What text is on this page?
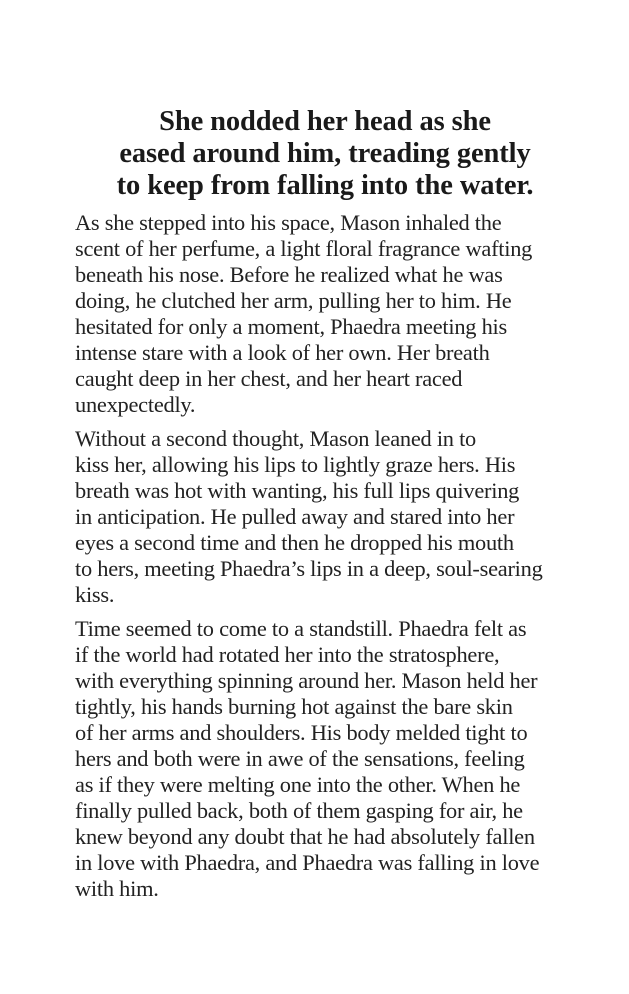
She nodded her head as she
eased around him, treading gently
to keep from falling into the water.

As she stepped into his space, Mason inhaled the
scent of her perfume, a light floral fragrance wafting
beneath his nose. Before he realized what he was
doing, he clutched her arm, pulling her to him. He
hesitated for only a moment, Phaedra meeting his
intense stare with a look of her own. Her breath
caught deep in her chest, and her heart raced
unexpectedly.

Without a second thought, Mason leaned in to
kiss her, allowing his lips to lightly graze hers. His
breath was hot with wanting, his full lips quivering
in anticipation. He pulled away and stared into her
eyes a second time and then he dropped his mouth
to hers, meeting Phaedra’s lips in a deep, soul-searing
kiss.

Time seemed to come to a standstill. Phaedra felt as
if the world had rotated her into the stratosphere,
with everything spinning around her. Mason held her
tightly, his hands burning hot against the bare skin
of her arms and shoulders. His body melded tight to
hers and both were in awe of the sensations, feeling
as if they were melting one into the other. When he
finally pulled back, both of them gasping for air, he
knew beyond any doubt that he had absolutely fallen
in love with Phaedra, and Phaedra was falling in love
with him.
